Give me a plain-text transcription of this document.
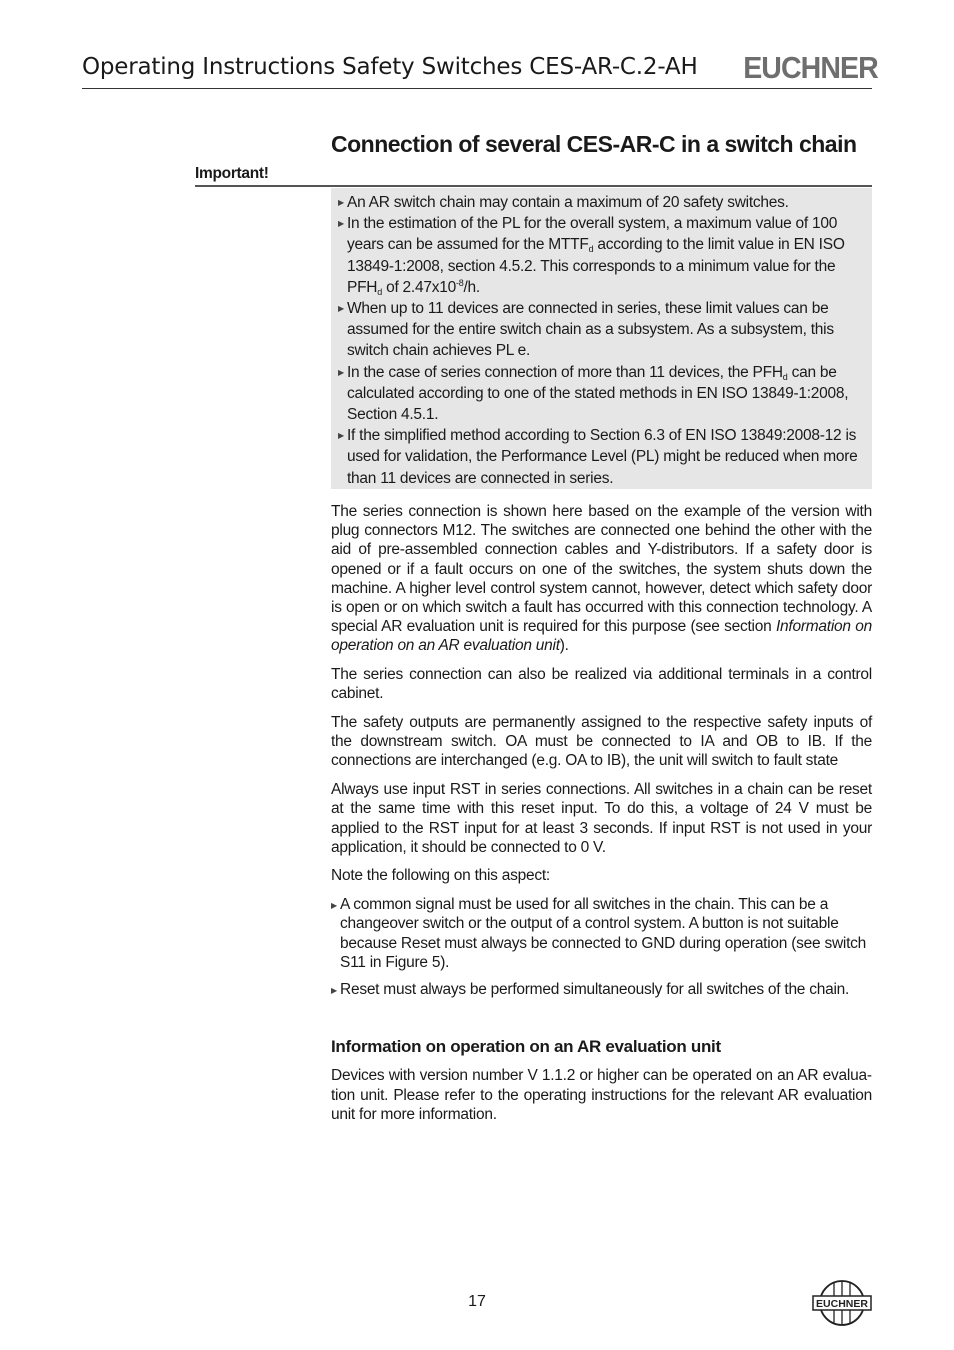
Operating Instructions Safety Switches CES-AR-C.2-AH EUCHNER
Connection of several CES-AR-C in a switch chain
Important!
▶ An AR switch chain may contain a maximum of 20 safety switches.
▶ In the estimation of the PL for the overall system, a maximum value of 100 years can be assumed for the $MTTF_d$ according to the limit value in EN ISO 13849-1:2008, section 4.5.2. This corresponds to a minimum value for the $PFH_d$ of $2.47x10^{-8}/h$.
▶ When up to 11 devices are connected in series, these limit values can be assumed for the entire switch chain as a subsystem. As a subsystem, this switch chain achieves PL e.
▶ In the case of series connection of more than 11 devices, the $PFH_d$ can be calculated according to one of the stated methods in EN ISO 13849-1:2008, Section 4.5.1.
▶ If the simplified method according to Section 6.3 of EN ISO 13849:2008-12 is used for validation, the Performance Level (PL) might be reduced when more than 11 devices are connected in series.

The series connection is shown here based on the example of the version with plug connectors M12. The switches are connected one behind the other with the aid of pre-assembled connection cables and Y-distributors. If a safety door is opened or if a fault occurs on one of the switches, the system shuts down the machine. A higher level control system cannot, however, detect which safety door is open or on which switch a fault has occurred with this connection technology. A special AR evaluation unit is required for this purpose (see section Information on operation on an AR evaluation unit).

The series connection can also be realized via additional terminals in a control cabinet.

The safety outputs are permanently assigned to the respective safety inputs of the downstream switch. OA must be connected to IA and OB to IB. If the connections are interchanged (e.g. OA to IB), the unit will switch to fault state

Always use input RST in series connections. All switches in a chain can be reset at the same time with this reset input. To do this, a voltage of 24 V must be applied to the RST input for at least 3 seconds. If input RST is not used in your application, it should be connected to 0 V.

Note the following on this aspect:

▶ A common signal must be used for all switches in the chain. This can be a changeover switch or the output of a control system. A button is not suitable because Reset must always be connected to GND during operation (see switch S11 in Figure 5).
▶ Reset must always be performed simultaneously for all switches of the chain.
Information on operation on an AR evaluation unit

Devices with version number V 1.1.2 or higher can be operated on an AR evaluation unit. Please refer to the operating instructions for the relevant AR evaluation unit for more information.

17	EUCHNER
